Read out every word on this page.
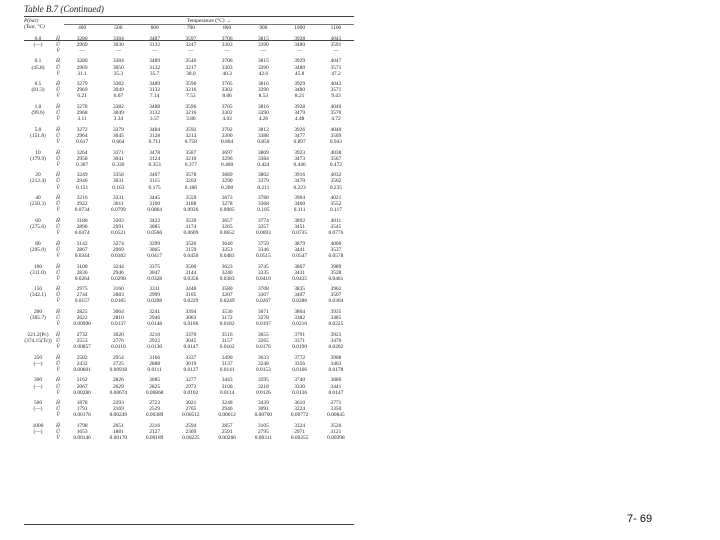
Table B.7 (Continued)
P(bar)
(Tsat, °C)		Temperature (°C) →							
		400	500	600	700	800	900	1000	1100

0.0	Ĥ	3280	3384	3487	3597	3706	3815	3928	4043
(—)	Û	2969	3030	3132	3247	3303	3390	3480	3591
	V̂	—	—	—	—	—	—	—	—

0.1	Ĥ	3280	3384	3489	3546	3706	3815	3929	4047
(45.8)	Û	2969	3050	3132	3217	3303	3390	3480	3571
	V̂	31.1	35.3	35.7	38.0	40.3	42.6	45.8	47.2

0.5	Ĥ	3279	3382	3489	3596	3705	3816	3929	4043
(81.3)	Û	2969	3049	3132	3216	3302	3390	3480	3571
	V̂	6.21	6.67	7.14	7.53	8.06	8.53	8.21	9.43

1.0	Ĥ	3278	3382	3488	3596	3705	3816	3928	4040
(99.6)	Û	2968	3049	3132	3216	3302	3390	3479	3570
	V̂	3.11	3.34	3.57	3.80	4.03	4.26	4.48	4.72

5.0	Ĥ	3272	3379	3484	3592	3702	3812	3926	4040
(151.8)	Û	2964	3045	3128	3213	3300	3388	3477	3569
	V̂	0.617	0.664	0.711	0.758	0.804	0.850	0.897	0.943

10	Ĥ	3264	3371	3478	3587	3697	3809	3923	4038
(179.9)	Û	2958	3041	3124	3210	3296	3384	3473	3567
	V̂	0.307	0.330	0.353	0.377	0.400	0.424	0.446	0.472

20	Ĥ	3249	3358	3467	3578	3689	3802	3916	4032
(212.4)	Û	2946	3031	3115	3202	3290	3379	3470	3562
	V̂	0.151	0.163	0.175	0.188	0.200	0.211	0.223	0.235

40	Ĥ	3216	3331	3445	3559	3673	3788	3904	4021
(250.3)	Û	2922	3011	3100	3188	3278	3368	3460	3552
	V̂	0.0734	0.0799	0.0864	0.0926	0.0985	0.105	0.111	0.117

60	Ĥ	3180	3303	3422	3539	3657	3774	3892	4011
(275.6)	Û	2896	2991	3085	3174	3265	3357	3451	3545
	V̂	0.0474	0.0521	0.0566	0.0609	0.0652	0.0693	0.0735	0.0776

80	Ĥ	3142	3274	3399	3520	3640	3759	3879	4000
(295.0)	Û	2867	2969	3065	3159	3253	3346	3441	3537
	V̂	0.0344	0.0382	0.0417	0.0450	0.0483	0.0515	0.0547	0.0578

100	Ĥ	3100	3244	3375	3500	3623	3745	3867	3989
(311.0)	Û	2836	2946	3047	3144	3240	3335	3431	3528
	V̂	0.0264	0.0298	0.0328	0.0356	0.0383	0.0410	0.0435	0.0461

150	Ĥ	2975	3160	3311	3448	3580	3708	3835	3962
(342.1)	Û	2744	2883	2999	3105	3207	3307	3407	3507
	V̂	0.0157	0.0185	0.0208	0.0229	0.0249	0.0267	0.0286	0.0304

200	Ĥ	2825	3064	3241	3394	3536	3671	3804	3935
(365.7)	Û	2622	2810	2946	3063	3172	3278	3382	3485
	V̂	0.00990	0.0137	0.0148	0.0166	0.0182	0.0197	0.0210	0.0225

221.2(Pc)	Ĥ	2732	3020	3210	3370	3516	3655	3791	3923
(374.15(Tc))	Û	2553	2776	2922	3045	3157	3265	3371	3476
	V̂	0.00857	0.0110	0.0130	0.0147	0.0162	0.0176	0.0190	0.0202

250	Ĥ	2582	2954	3166	3337	3490	3633	3772	3908
(—)	Û	2432	2725	2888	3019	3137	3248	3356	3463
	V̂	0.00601	0.00918	0.0111	0.0127	0.0141	0.0153	0.0166	0.0178

300	Ĥ	2162	2826	3085	3277	3443	3595	3740	3880
(—)	Û	2067	2629	2825	2972	3100	3218	3330	3441
	V̂	0.00280	0.00674	0.00868	0.0102	0.0114	0.0126	0.0136	0.0147

500	Ĥ	1878	2293	2723	3021	3248	3439	3610	3771
(—)	Û	1791	2169	2529	2765	2946	3091	3224	3350
	V̂	0.00176	0.00249	0.00389	0.00512	0.00612	0.00700	0.00772	0.00845

1000	Ĥ	1798	2051	2316	2594	2857	3105	3324	3526
(—)	Û	1653	1881	2127	2369	2591	2795	2971	3121
	V̂	0.00146	0.00170	0.00189	0.00225	0.00266	0.00311	0.00355	0.00398

7- 69
